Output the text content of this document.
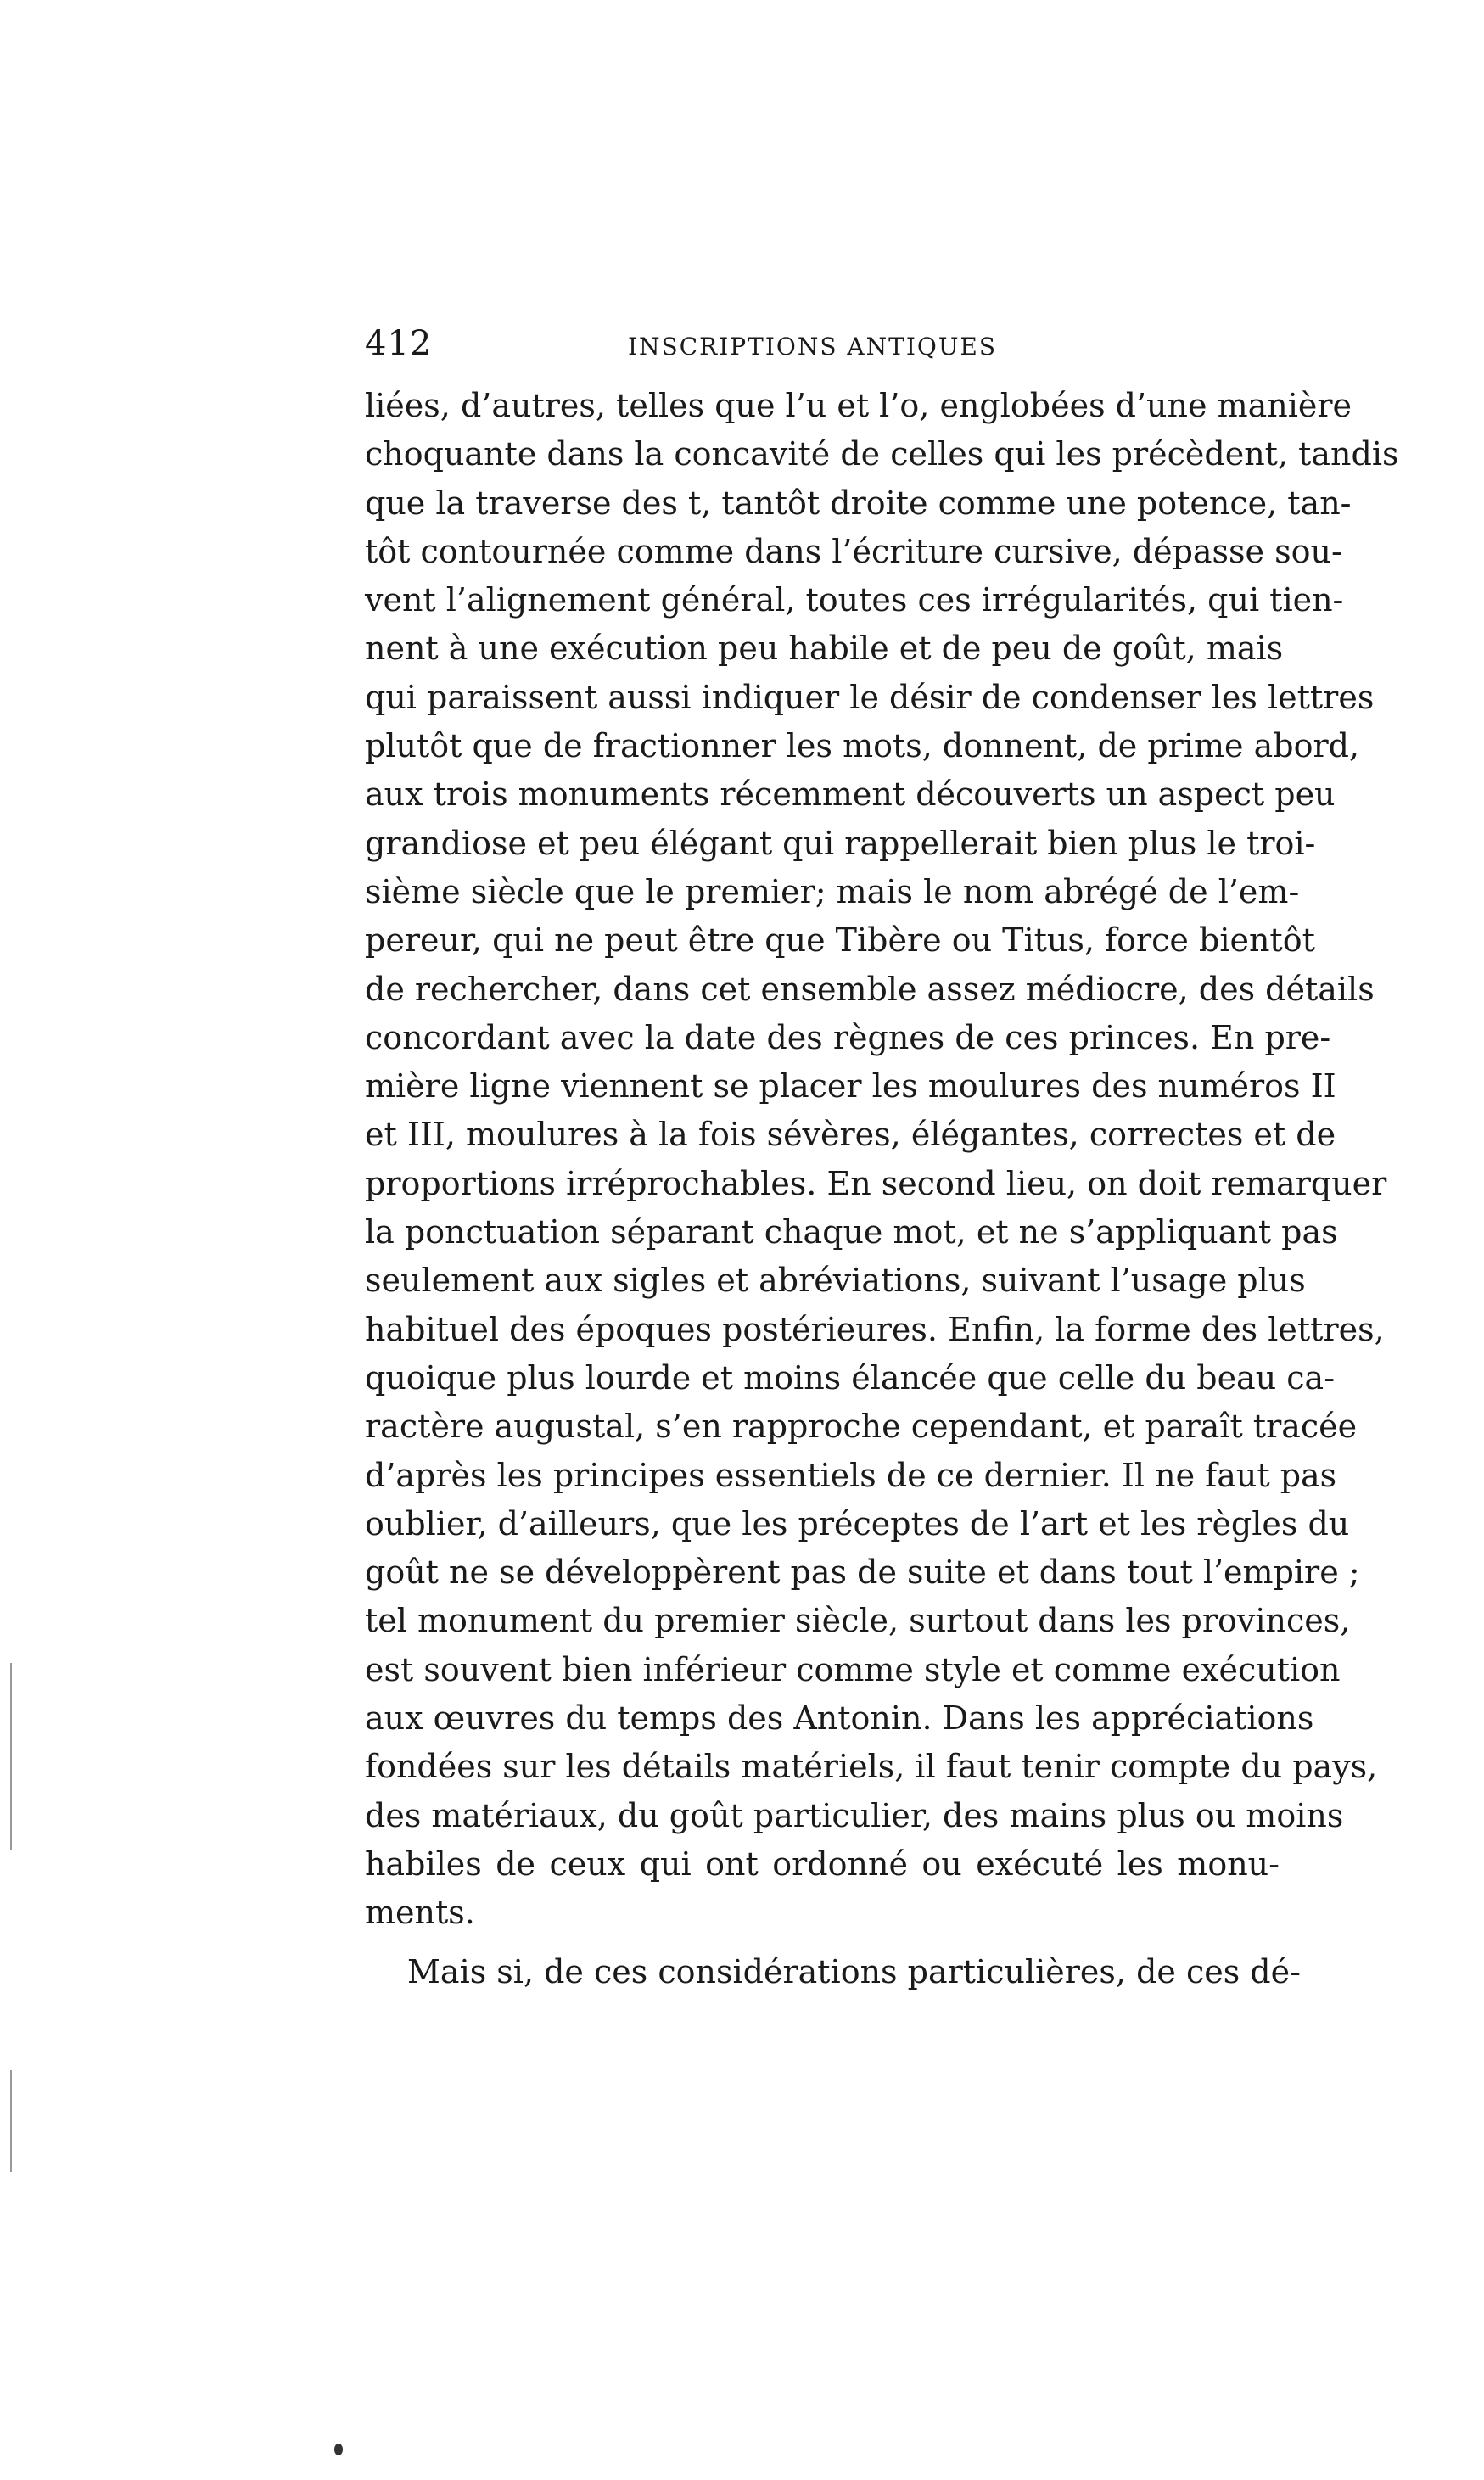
412	INSCRIPTIONS ANTIQUES
liées, d’autres, telles que l’u et l’o, englobées d’une manière
choquante dans la concavité de celles qui les précèdent, tandis
que la traverse des t, tantôt droite comme une potence, tan-
tôt contournée comme dans l’écriture cursive, dépasse sou-
vent l’alignement général, toutes ces irrégularités, qui tien-
nent à une exécution peu habile et de peu de goût, mais
qui paraissent aussi indiquer le désir de condenser les lettres
plutôt que de fractionner les mots, donnent, de prime abord,
aux trois monuments récemment découverts un aspect peu
grandiose et peu élégant qui rappellerait bien plus le troi-
sième siècle que le premier; mais le nom abrégé de l’em-
pereur, qui ne peut être que Tibère ou Titus, force bientôt
de rechercher, dans cet ensemble assez médiocre, des détails
concordant avec la date des règnes de ces princes. En pre-
mière ligne viennent se placer les moulures des numéros II
et III, moulures à la fois sévères, élégantes, correctes et de
proportions irréprochables. En second lieu, on doit remarquer
la ponctuation séparant chaque mot, et ne s’appliquant pas
seulement aux sigles et abréviations, suivant l’usage plus
habituel des époques postérieures. Enfin, la forme des lettres,
quoique plus lourde et moins élancée que celle du beau ca-
ractère augustal, s’en rapproche cependant, et paraît tracée
d’après les principes essentiels de ce dernier. Il ne faut pas
oublier, d’ailleurs, que les préceptes de l’art et les règles du
goût ne se développèrent pas de suite et dans tout l’empire ;
tel monument du premier siècle, surtout dans les provinces,
est souvent bien inférieur comme style et comme exécution
aux œuvres du temps des Antonin. Dans les appréciations
fondées sur les détails matériels, il faut tenir compte du pays,
des matériaux, du goût particulier, des mains plus ou moins
habiles de ceux qui ont ordonné ou exécuté les monu-
ments.
Mais si, de ces considérations particulières, de ces dé-
